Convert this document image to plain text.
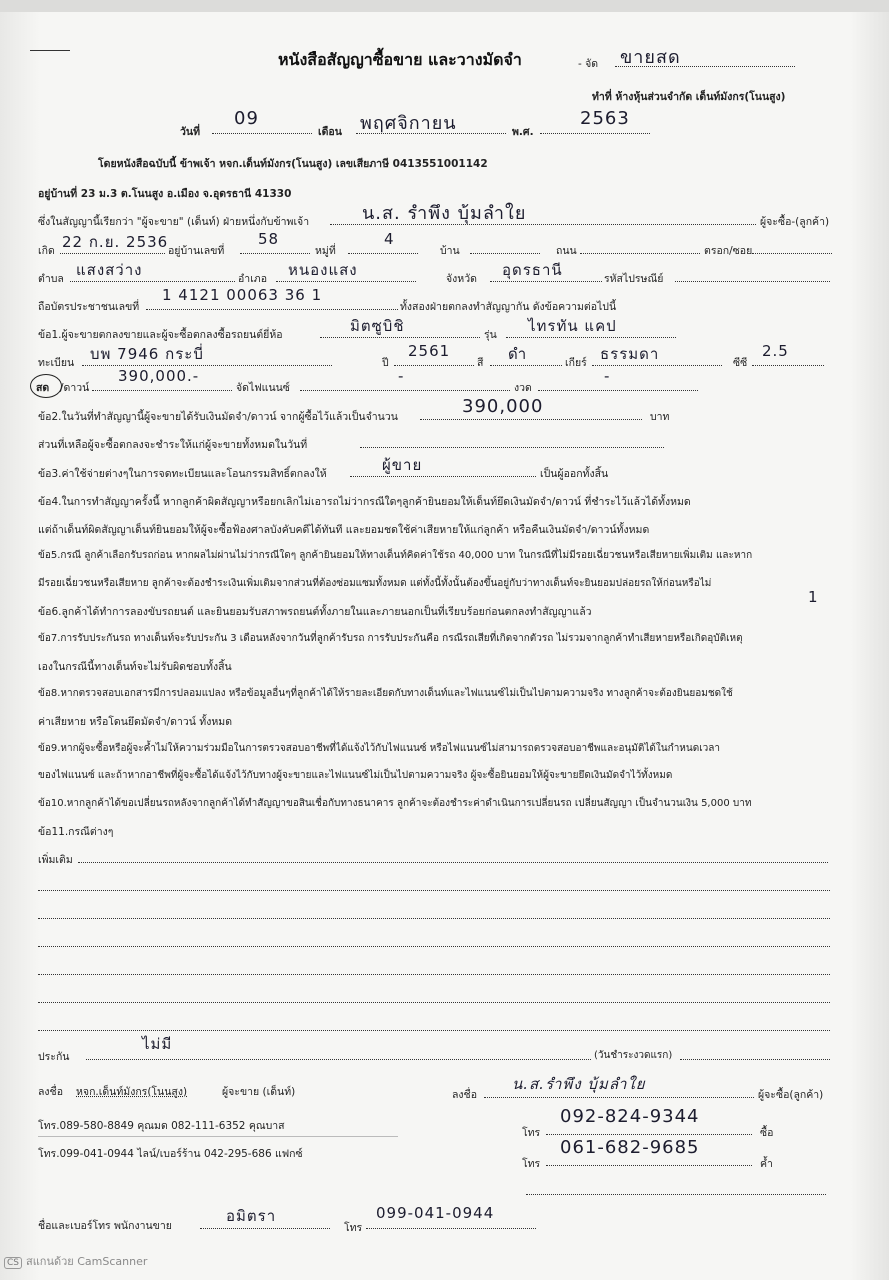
หนังสือสัญญาซื้อขาย และวางมัดจำ	- จัด ขายสด
ทำที่ ห้างหุ้นส่วนจำกัด เด็นท์มังกร(โนนสูง)
วันที่
09
เดือน พฤศจิกายน	พ.ศ.
2563
โดยหนังสือฉบับนี้ ข้าพเจ้า หจก.เด็นท์มังกร(โนนสูง) เลขเสียภาษี 0413551001142
อยู่บ้านที่ 23 ม.3 ต.โนนสูง อ.เมือง จ.อุดรธานี 41330
ซึ่งในสัญญานี้เรียกว่า "ผู้จะขาย" (เด็นท์) ฝ่ายหนึ่งกับข้าพเจ้า	น.ส. รำพึง บุ้มลำใย	ผู้จะซื้อ-(ลูกค้า)
เกิด 22 ก.ย. 2536 อยู่บ้านเลขที่
58
หมู่ที่
4
บ้าน	ถนน	ตรอก/ซอย
ตำบล แสงสว่าง	อำเภอ หนองแสง	จังหวัด อุดรธานี	รหัสไปรษณีย์
ถือบัตรประชาชนเลขที่
1 4121 00063 36 1
ทั้งสองฝ่ายตกลงทำสัญญากัน ดังข้อความต่อไปนี้
ข้อ1.ผู้จะขายตกลงขายและผู้จะซื้อตกลงซื้อรถยนต์ยี่ห้อ	มิตซูบิชิ	รุ่น ไทรทัน แคป
ทะเบียน บพ 7946 กระบี่	ปี
2561
สี ดำ	เกียร์ ธรรมดา	ซีซี
2.5
สด /ดาวน์
390,000.-
จัดไฟแนนซ์
-
งวด
-
ข้อ2.ในวันที่ทำสัญญานี้ผู้จะขายได้รับเงินมัดจำ/ดาวน์ จากผู้ซื้อไว้แล้วเป็นจำนวน	390,000	บาท
ส่วนที่เหลือผู้จะซื้อตกลงจะชำระให้แก่ผู้จะขายทั้งหมดในวันที่
ข้อ3.ค่าใช้จ่ายต่างๆในการจดทะเบียนและโอนกรรมสิทธิ์ตกลงให้	ผู้ขาย	เป็นผู้ออกทั้งสิ้น
ข้อ4.ในการทำสัญญาครั้งนี้ หากลูกค้าผิดสัญญาหรือยกเลิกไม่เอารถไม่ว่ากรณีใดๆลูกค้ายินยอมให้เด็นท์ยึดเงินมัดจำ/ดาวน์ ที่ชำระไว้แล้วได้ทั้งหมด
แต่ถ้าเด็นท์ผิดสัญญาเด็นท์ยินยอมให้ผู้จะซื้อฟ้องศาลบังคับคดีได้ทันที และยอมชดใช้ค่าเสียหายให้แก่ลูกค้า หรือคืนเงินมัดจำ/ดาวน์ทั้งหมด
ข้อ5.กรณี ลูกค้าเลือกรับรถก่อน หากผลไม่ผ่านไม่ว่ากรณีใดๆ ลูกค้ายินยอมให้ทางเด็นท์คิดค่าใช้รถ 40,000 บาท ในกรณีที่ไม่มีรอยเฉี่ยวชนหรือเสียหายเพิ่มเติม และหาก
มีรอยเฉี่ยวชนหรือเสียหาย ลูกค้าจะต้องชำระเงินเพิ่มเติมจากส่วนที่ต้องซ่อมแซมทั้งหมด แต่ทั้งนี้ทั้งนั้นต้องขึ้นอยู่กับว่าทางเด็นท์จะยินยอมปล่อยรถให้ก่อนหรือไม่
ข้อ6.ลูกค้าได้ทำการลองขับรถยนต์ และยินยอมรับสภาพรถยนต์ทั้งภายในและภายนอกเป็นที่เรียบร้อยก่อนตกลงทำสัญญาแล้ว
1
ข้อ7.การรับประกันรถ ทางเด็นท์จะรับประกัน 3 เดือนหลังจากวันที่ลูกค้ารับรถ การรับประกันคือ กรณีรถเสียที่เกิดจากตัวรถ ไม่รวมจากลูกค้าทำเสียหายหรือเกิดอุบัติเหตุ
เองในกรณีนี้ทางเด็นท์จะไม่รับผิดชอบทั้งสิ้น
ข้อ8.หากตรวจสอบเอกสารมีการปลอมแปลง หรือข้อมูลอื่นๆที่ลูกค้าได้ให้รายละเอียดกับทางเด็นท์และไฟแนนซ์ไม่เป็นไปตามความจริง ทางลูกค้าจะต้องยินยอมชดใช้
ค่าเสียหาย หรือโดนยึดมัดจำ/ดาวน์ ทั้งหมด
ข้อ9.หากผู้จะซื้อหรือผู้จะค้ำไม่ให้ความร่วมมือในการตรวจสอบอาชีพที่ได้แจ้งไว้กับไฟแนนซ์ หรือไฟแนนซ์ไม่สามารถตรวจสอบอาชีพและอนุมัติได้ในกำหนดเวลา
ของไฟแนนซ์ และถ้าหากอาชีพที่ผู้จะซื้อได้แจ้งไว้กับทางผู้จะขายและไฟแนนซ์ไม่เป็นไปตามความจริง ผู้จะซื้อยินยอมให้ผู้จะขายยึดเงินมัดจำไว้ทั้งหมด
ข้อ10.หากลูกค้าได้ขอเปลี่ยนรถหลังจากลูกค้าได้ทำสัญญาขอสินเชื่อกับทางธนาคาร ลูกค้าจะต้องชำระค่าดำเนินการเปลี่ยนรถ เปลี่ยนสัญญา เป็นจำนวนเงิน 5,000 บาท
ข้อ11.กรณีต่างๆ
เพิ่มเติม
ประกัน
ไม่มี
(วันชำระงวดแรก)
ลงชื่อ หจก.เด็นท์มังกร(โนนสูง)	ผู้จะขาย (เด็นท์)	ลงชื่อ
น.ส.รำพึง บุ้มลำใย
ผู้จะซื้อ(ลูกค้า)
โทร.089-580-8849 คุณมด 082-111-6352 คุณบาส
โทร.099-041-0944 ไลน์/เบอร์ร้าน 042-295-686 แฟกซ์
โทร
092-824-9344
ซื้อ
โทร
061-682-9685
ค้ำ
ชื่อและเบอร์โทร พนักงานขาย
อมิตรา
โทร
099-041-0944
CS สแกนด้วย CamScanner
